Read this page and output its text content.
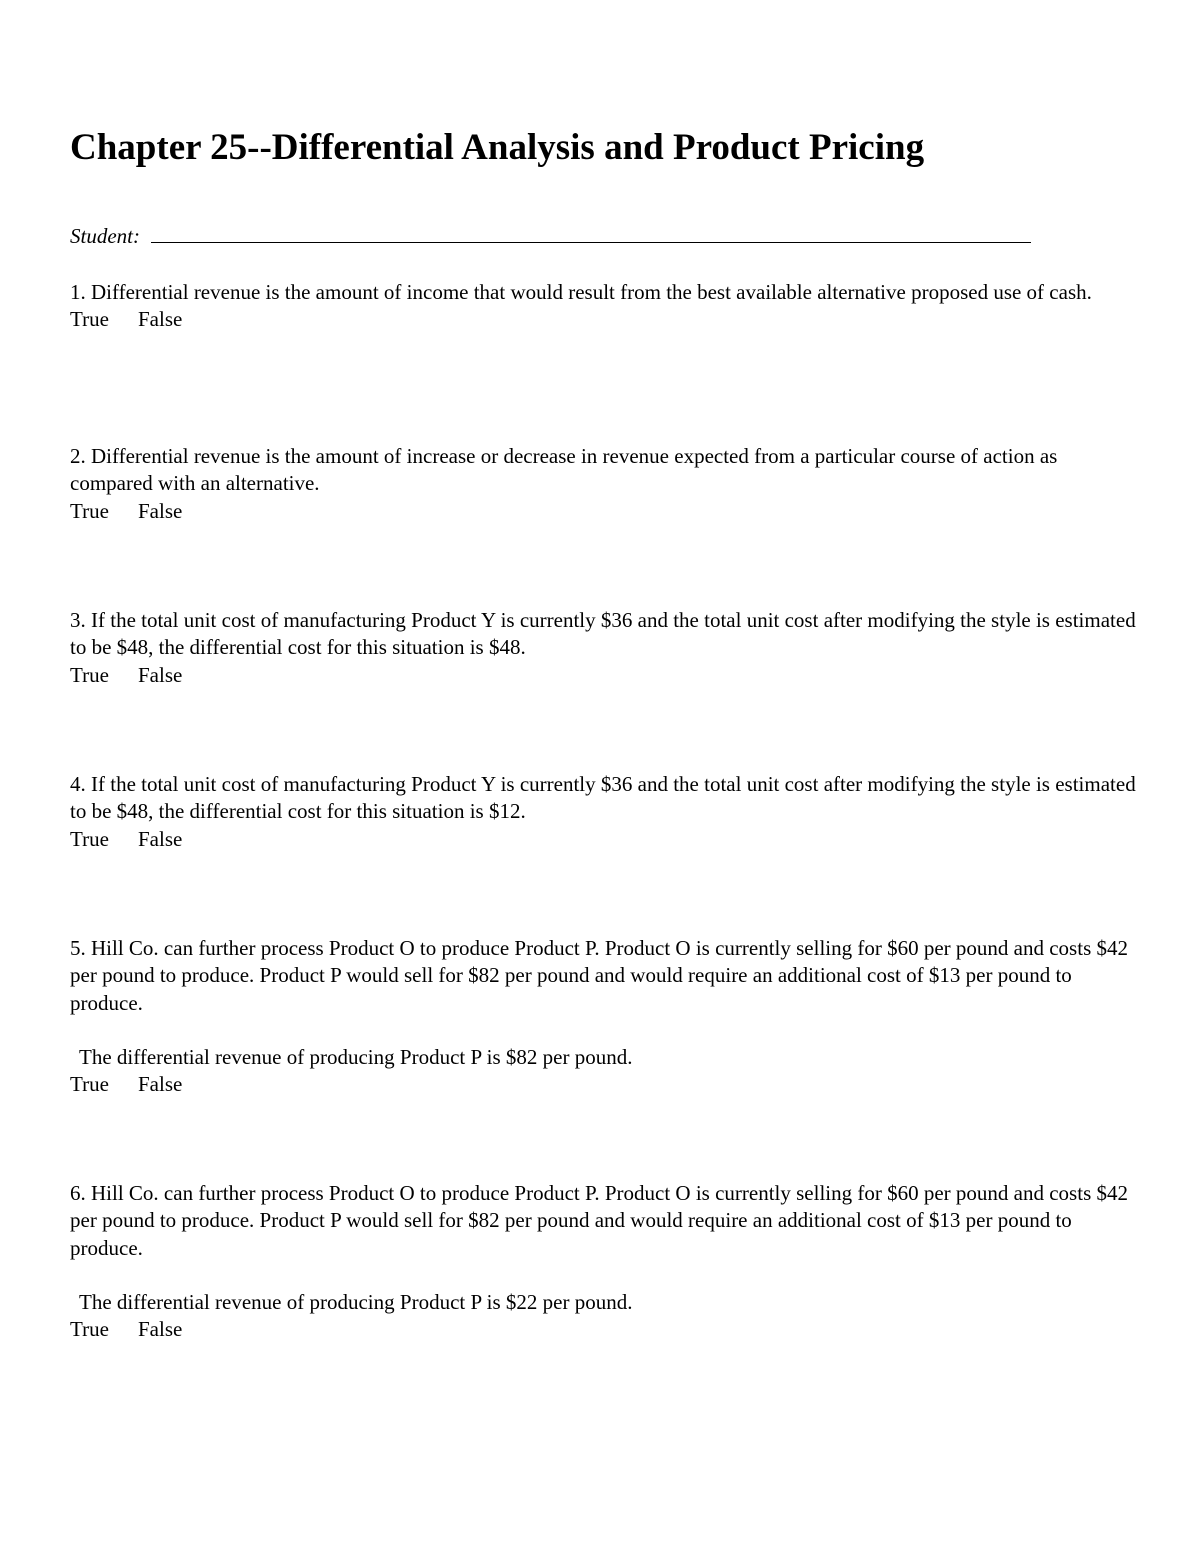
Chapter 25--Differential Analysis and Product Pricing
Student:

1. Differential revenue is the amount of income that would result from the best available alternative proposed use of cash.

True False

2. Differential revenue is the amount of increase or decrease in revenue expected from a particular course of action as compared with an alternative.

True False

3. If the total unit cost of manufacturing Product Y is currently $36 and the total unit cost after modifying the style is estimated to be $48, the differential cost for this situation is $48.

True False

4. If the total unit cost of manufacturing Product Y is currently $36 and the total unit cost after modifying the style is estimated to be $48, the differential cost for this situation is $12.

True False

5. Hill Co. can further process Product O to produce Product P. Product O is currently selling for $60 per pound and costs $42 per pound to produce. Product P would sell for $82 per pound and would require an additional cost of $13 per pound to produce.

The differential revenue of producing Product P is $82 per pound.

True False

6. Hill Co. can further process Product O to produce Product P. Product O is currently selling for $60 per pound and costs $42 per pound to produce. Product P would sell for $82 per pound and would require an additional cost of $13 per pound to produce.

The differential revenue of producing Product P is $22 per pound.

True False
